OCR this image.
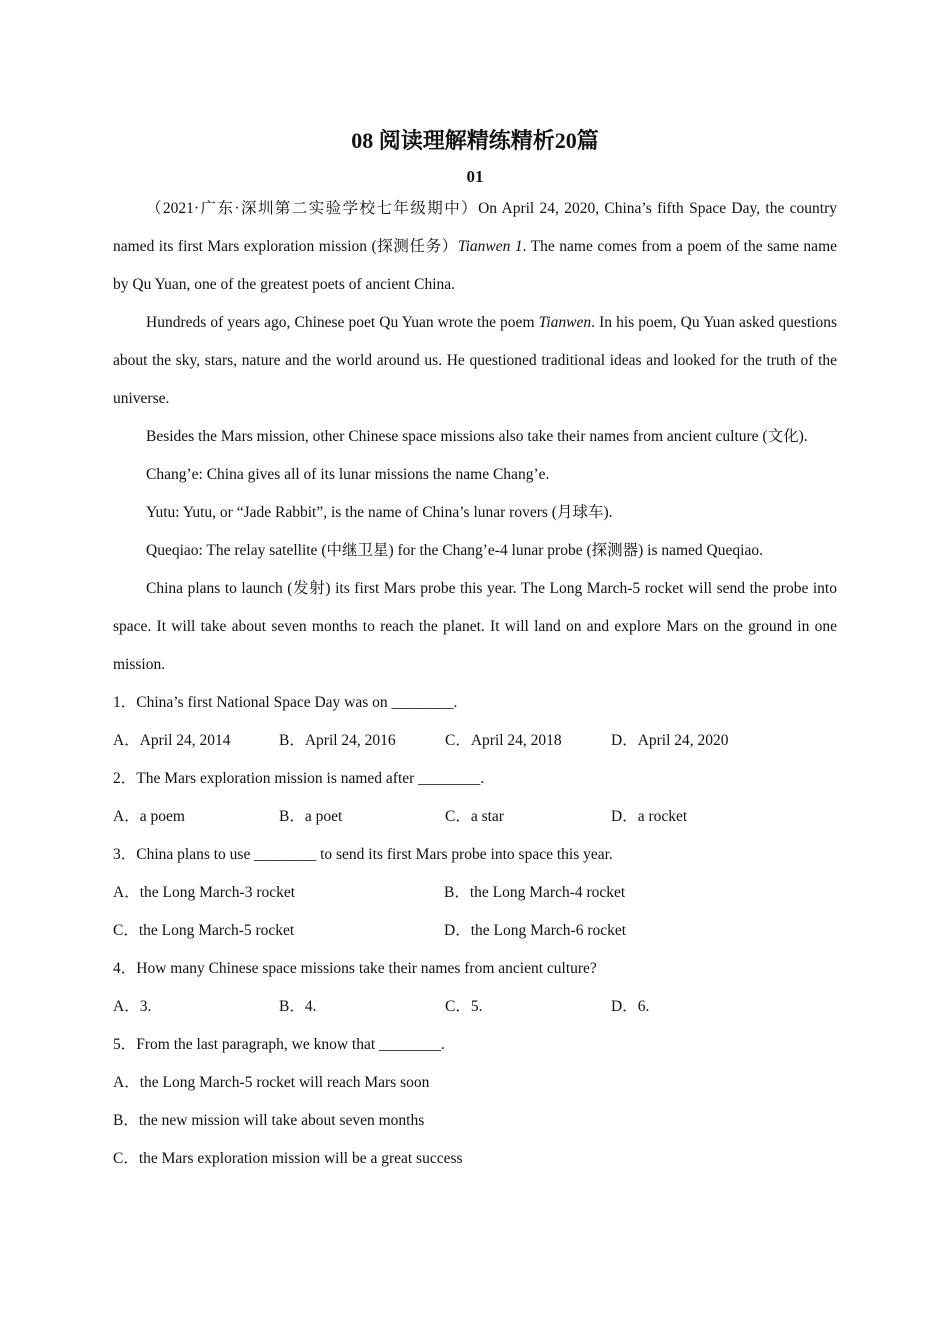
08 阅读理解精练精析20篇
01

（2021·广东·深圳第二实验学校七年级期中）On April 24, 2020, China’s fifth Space Day, the country named its first Mars exploration mission (探测任务）Tianwen 1. The name comes from a poem of the same name by Qu Yuan, one of the greatest poets of ancient China.

Hundreds of years ago, Chinese poet Qu Yuan wrote the poem Tianwen. In his poem, Qu Yuan asked questions about the sky, stars, nature and the world around us. He questioned traditional ideas and looked for the truth of the universe.

Besides the Mars mission, other Chinese space missions also take their names from ancient culture (文化).

Chang’e: China gives all of its lunar missions the name Chang’e.

Yutu: Yutu, or “Jade Rabbit”, is the name of China’s lunar rovers (月球车).

Queqiao: The relay satellite (中继卫星) for the Chang’e-4 lunar probe (探测器) is named Queqiao.

China plans to launch (发射) its first Mars probe this year. The Long March-5 rocket will send the probe into space. It will take about seven months to reach the planet. It will land on and explore Mars on the ground in one mission.

1．China’s first National Space Day was on ________.

A．April 24, 2014	B．April 24, 2016	C．April 24, 2018	D．April 24, 2020

2．The Mars exploration mission is named after ________.

A．a poem	B．a poet	C．a star	D．a rocket

3．China plans to use ________ to send its first Mars probe into space this year.

A．the Long March-3 rocket	B．the Long March-4 rocket
C．the Long March-5 rocket	D．the Long March-6 rocket

4．How many Chinese space missions take their names from ancient culture?

A．3.	B．4.	C．5.	D．6.

5．From the last paragraph, we know that ________.

A．the Long March-5 rocket will reach Mars soon

B．the new mission will take about seven months

C．the Mars exploration mission will be a great success
